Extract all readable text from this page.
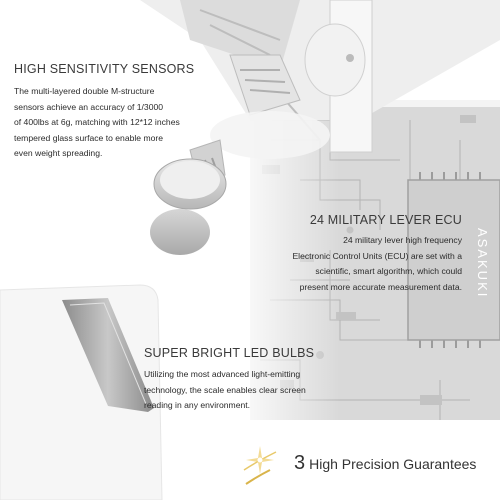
ASAKUKI
HIGH SENSITIVITY SENSORS

The multi-layered double M-structure
sensors achieve an accuracy of 1/3000
of 400lbs at 6g, matching with 12*12 inches
tempered glass surface to enable more
even weight spreading.

24 MILITARY LEVER ECU

24 military lever high frequency
Electronic Control Units (ECU) are set with a
scientific, smart algorithm, which could
present more accurate measurement data.

SUPER BRIGHT LED BULBS

Utilizing the most advanced light-emitting
technology, the scale enables clear screen
reading in any environment.

3 High Precision Guarantees
